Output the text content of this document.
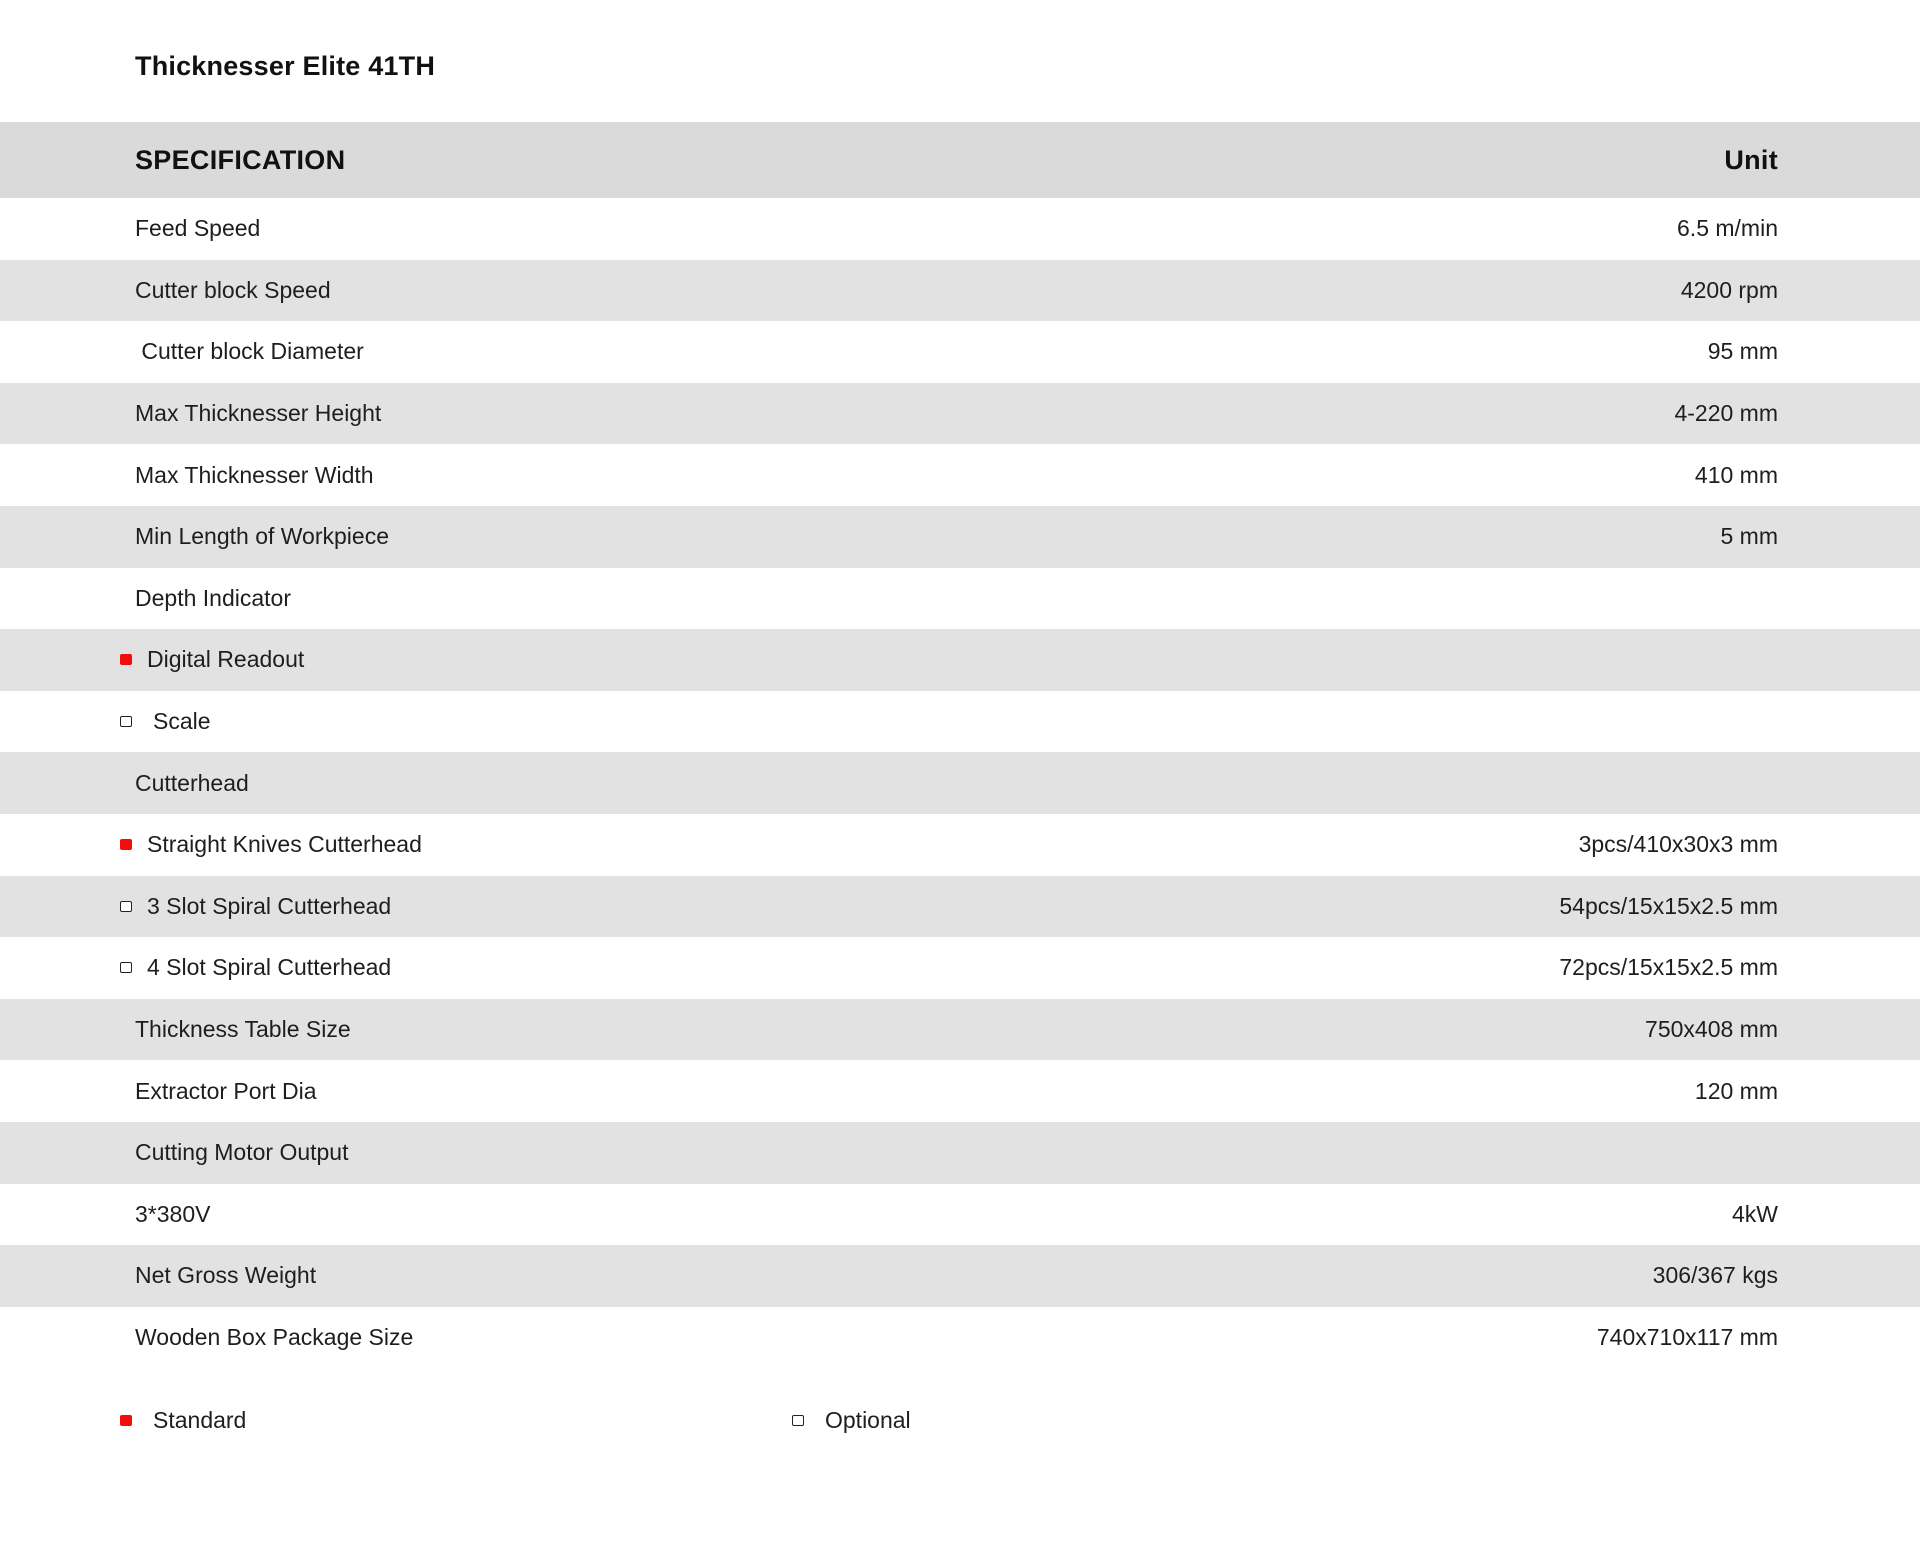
Thicknesser Elite 41TH
SPECIFICATION	Unit
Feed Speed	6.5 m/min
Cutter block Speed	4200 rpm
Cutter block Diameter	95 mm
Max Thicknesser Height	4-220 mm
Max Thicknesser Width	410 mm
Min Length of Workpiece	5 mm
Depth Indicator
Digital Readout
Scale
Cutterhead
Straight Knives Cutterhead	3pcs/410x30x3 mm
3 Slot Spiral Cutterhead	54pcs/15x15x2.5 mm
4 Slot Spiral Cutterhead	72pcs/15x15x2.5 mm
Thickness Table Size	750x408 mm
Extractor Port Dia	120 mm
Cutting Motor Output
3*380V	4kW
Net Gross Weight	306/367 kgs
Wooden Box Package Size	740x710x117 mm
Standard	Optional
